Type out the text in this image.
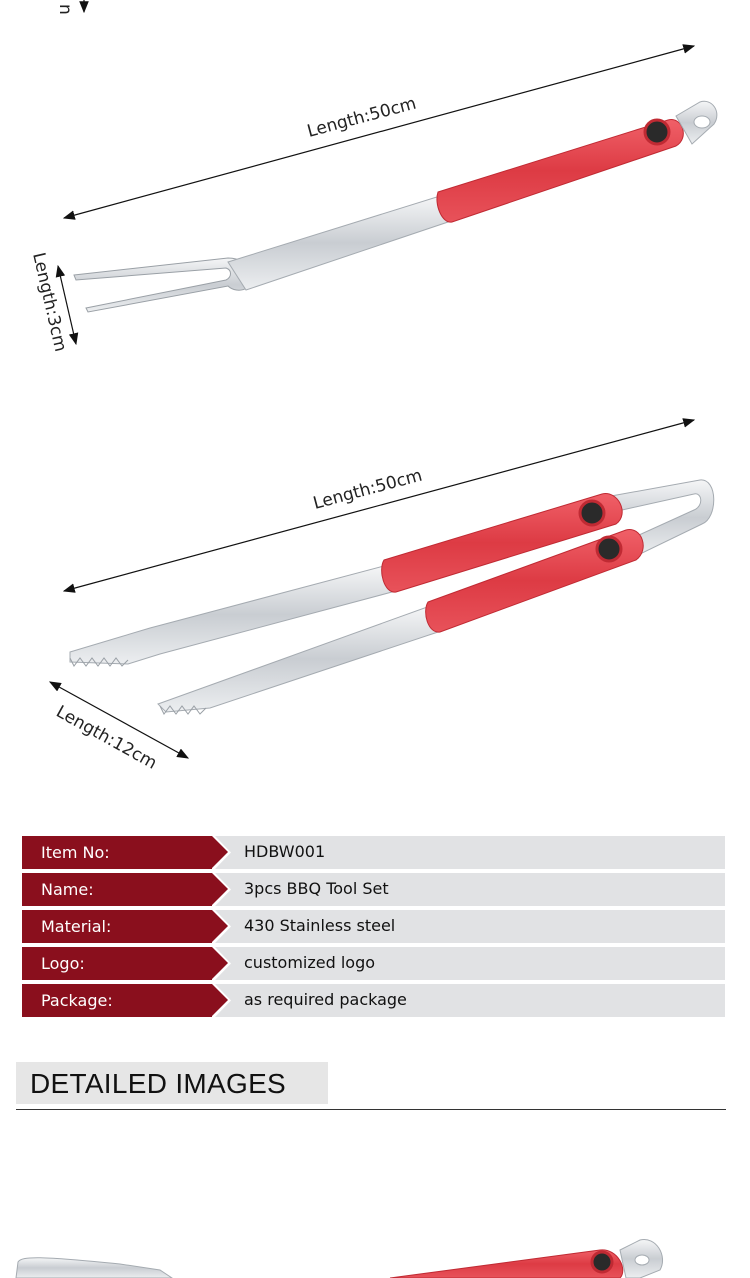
n
Length:50cm
Length:3cm
Length:50cm
Length:12cm
Item No:	HDBW001
Name:	3pcs BBQ Tool Set
Material:	430 Stainless steel
Logo:	customized logo
Package:	as required package
DETAILED IMAGES
